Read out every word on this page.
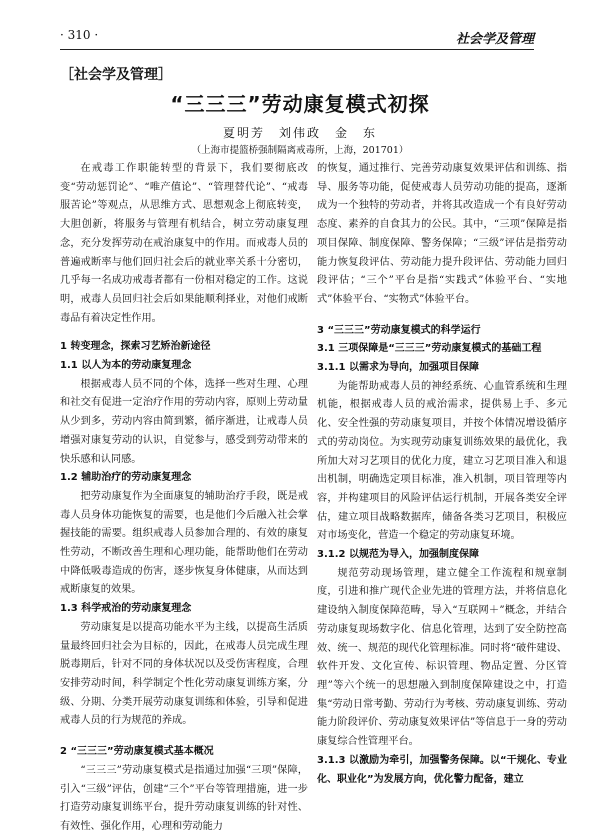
· 310 ·	社会学及管理
［社会学及管理］
“三三三”劳动康复模式初探
夏明芳　刘伟政　金　东
（上海市提篮桥强制隔离戒毒所，上海，201701）

在戒毒工作职能转型的背景下，我们要彻底改变“劳动惩罚论”、“唯产值论”、“管理替代论”、“戒毒服苦论”等观点，从思维方式、思想观念上彻底转变，大胆创新，将服务与管理有机结合，树立劳动康复理念，充分发挥劳动在戒治康复中的作用。而戒毒人员的普遍戒断率与他们回归社会后的就业率关系十分密切，几乎每一名成功戒毒者都有一份相对稳定的工作。这说明，戒毒人员回归社会后如果能顺利择业，对他们戒断毒品有着决定性作用。

1 转变理念，探索习艺矫治新途径

1.1 以人为本的劳动康复理念

根据戒毒人员不同的个体，选择一些对生理、心理和社交有促进一定治疗作用的劳动内容，原则上劳动量从少到多，劳动内容由简到繁，循序渐进，让戒毒人员增强对康复劳动的认识，自觉参与，感受到劳动带来的快乐感和认同感。

1.2 辅助治疗的劳动康复理念

把劳动康复作为全面康复的辅助治疗手段，既是戒毒人员身体功能恢复的需要，也是他们今后融入社会掌握技能的需要。组织戒毒人员参加合理的、有效的康复性劳动，不断改善生理和心理功能，能帮助他们在劳动中降低吸毒造成的伤害，逐步恢复身体健康，从而达到戒断康复的效果。

1.3 科学戒治的劳动康复理念

劳动康复是以提高功能水平为主线，以提高生活质量最终回归社会为目标的，因此，在戒毒人员完成生理脱毒期后，针对不同的身体状况以及受伤害程度，合理安排劳动时间，科学制定个性化劳动康复训练方案，分级、分期、分类开展劳动康复训练和体验，引导和促进戒毒人员的行为规范的养成。

2 “三三三”劳动康复模式基本概况

“三三三”劳动康复模式是指通过加强“三项”保障，引入“三级”评估，创建“三个”平台等管理措施，进一步打造劳动康复训练平台，提升劳动康复训练的针对性、有效性、强化作用，心理和劳动能力

的恢复，通过推行、完善劳动康复效果评估和训练、指导、服务等功能，促使戒毒人员劳动功能的提高，逐渐成为一个独特的劳动者，并将其改造成一个有良好劳动态度、素养的自食其力的公民。其中，“三项”保障是指项目保障、制度保障、警务保障；“三级”评估是指劳动能力恢复段评估、劳动能力提升段评估、劳动能力回归段评估；“三个”平台是指“实践式”体验平台、“实地式”体验平台、“实物式”体验平台。

3 “三三三”劳动康复模式的科学运行

3.1 三项保障是“三三三”劳动康复模式的基础工程

3.1.1 以需求为导向，加强项目保障

为能帮助戒毒人员的神经系统、心血管系统和生理机能，根据戒毒人员的戒治需求，提供易上手、多元化、安全性强的劳动康复项目，并按个体情况增设循序式的劳动岗位。为实现劳动康复训练效果的最优化，我所加大对习艺项目的优化力度，建立习艺项目准入和退出机制，明确选定项目标准，准入机制，项目管理等内容，并构建项目的风险评估运行机制，开展各类安全评估，建立项目战略数据库，储备各类习艺项目，积极应对市场变化，营造一个稳定的劳动康复环境。

3.1.2 以规范为导入，加强制度保障

规范劳动现场管理，建立健全工作流程和规章制度，引进和推广现代企业先进的管理方法，并将信息化建设纳入制度保障范畴，导入“互联网＋”概念，并结合劳动康复现场数字化、信息化管理，达到了安全防控高效、统一、规范的现代化管理标准。同时将“破件建设、软件开发、文化宣传、标识管理、物品定置、分区管理”等六个统一的思想融入到制度保障建设之中，打造集“劳动日常考勤、劳动行为考核、劳动康复训练、劳动能力阶段评价、劳动康复效果评估”等信息于一身的劳动康复综合性管理平台。

3.1.3 以激励为牵引，加强警务保障。以“干规化、专业化、职业化”为发展方向，优化警力配备，建立
